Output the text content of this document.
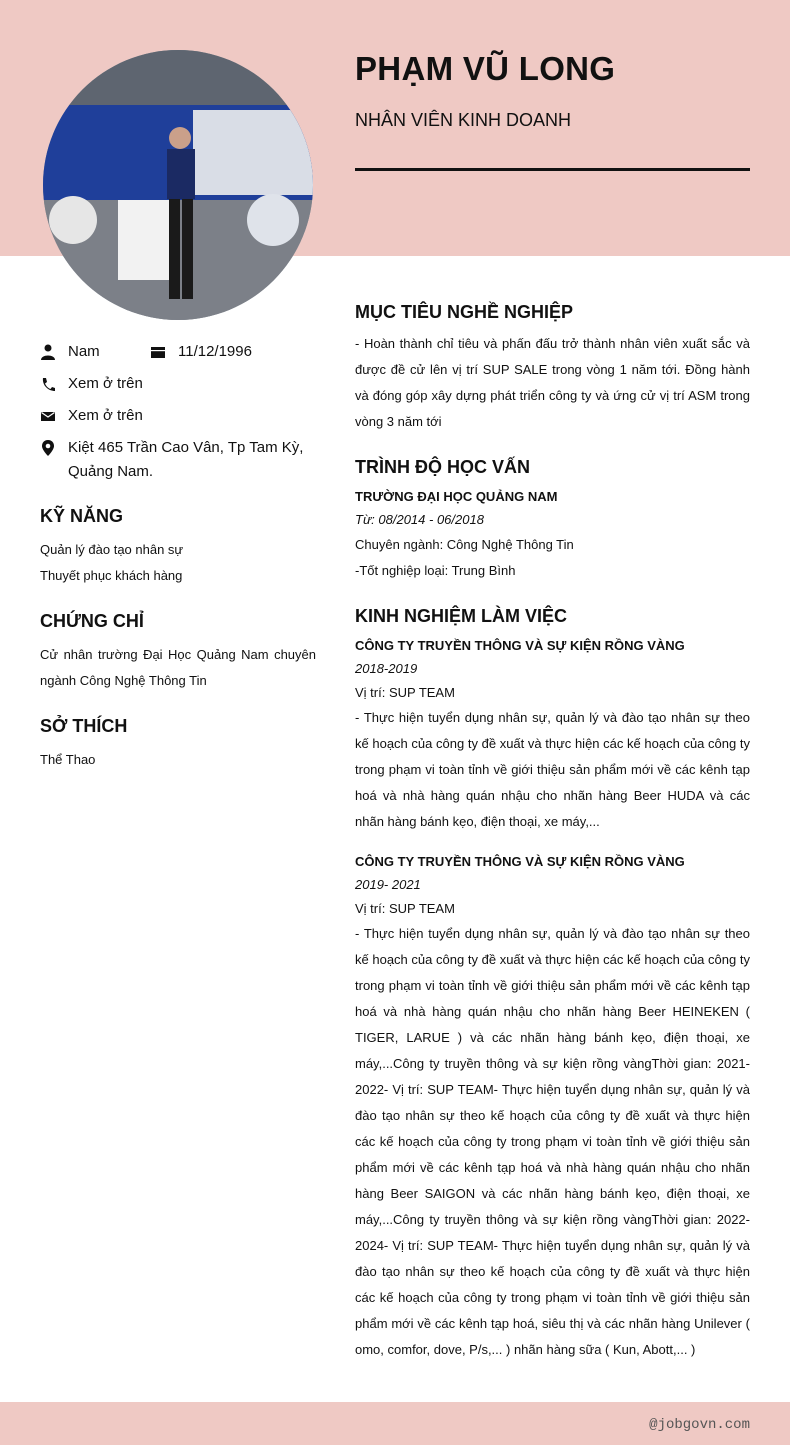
PHẠM VŨ LONG
NHÂN VIÊN KINH DOANH
Nam	11/12/1996
Xem ở trên
Xem ở trên
Kiệt 465 Trần Cao Vân, Tp Tam Kỳ, Quảng Nam.
KỸ NĂNG
Quản lý đào tạo nhân sự
Thuyết phục khách hàng
CHỨNG CHỈ
Cử nhân trường Đại Học Quảng Nam chuyên ngành Công Nghệ Thông Tin
SỞ THÍCH
Thể Thao
MỤC TIÊU NGHỀ NGHIỆP
- Hoàn thành chỉ tiêu và phấn đấu trở thành nhân viên xuất sắc và được đề cử lên vị trí SUP SALE trong vòng 1 năm tới. Đồng hành và đóng góp xây dựng phát triển công ty và ứng cử vị trí ASM trong vòng 3 năm tới
TRÌNH ĐỘ HỌC VẤN
TRƯỜNG ĐẠI HỌC QUẢNG NAM
Từ: 08/2014 - 06/2018
Chuyên ngành: Công Nghệ Thông Tin
-Tốt nghiệp loại: Trung Bình
KINH NGHIỆM LÀM VIỆC
CÔNG TY TRUYỀN THÔNG VÀ SỰ KIỆN RỒNG VÀNG
2018-2019
Vị trí: SUP TEAM
- Thực hiện tuyển dụng nhân sự, quản lý và đào tạo nhân sự theo kế hoạch của công ty đề xuất và thực hiện các kế hoạch của công ty trong phạm vi toàn tỉnh về giới thiệu sản phẩm mới về các kênh tạp hoá và nhà hàng quán nhậu cho nhãn hàng Beer HUDA và các nhãn hàng bánh kẹo, điện thoại, xe máy,...
CÔNG TY TRUYỀN THÔNG VÀ SỰ KIỆN RỒNG VÀNG
2019- 2021
Vị trí: SUP TEAM
- Thực hiện tuyển dụng nhân sự, quản lý và đào tạo nhân sự theo kế hoạch của công ty đề xuất và thực hiện các kế hoạch của công ty trong phạm vi toàn tỉnh về giới thiệu sản phẩm mới về các kênh tạp hoá và nhà hàng quán nhậu cho nhãn hàng Beer HEINEKEN ( TIGER, LARUE ) và các nhãn hàng bánh kẹo, điện thoại, xe máy,...Công ty truyền thông và sự kiện rồng vàngThời gian: 2021-2022- Vị trí: SUP TEAM- Thực hiện tuyển dụng nhân sự, quản lý và đào tạo nhân sự theo kế hoạch của công ty đề xuất và thực hiện các kế hoạch của công ty trong phạm vi toàn tỉnh về giới thiệu sản phẩm mới về các kênh tạp hoá và nhà hàng quán nhậu cho nhãn hàng Beer SAIGON và các nhãn hàng bánh kẹo, điện thoại, xe máy,...Công ty truyền thông và sự kiện rồng vàngThời gian: 2022-2024- Vị trí: SUP TEAM- Thực hiện tuyển dụng nhân sự, quản lý và đào tạo nhân sự theo kế hoạch của công ty đề xuất và thực hiện các kế hoạch của công ty trong phạm vi toàn tỉnh về giới thiệu sản phẩm mới về các kênh tạp hoá, siêu thị và các nhãn hàng Unilever ( omo, comfor, dove, P/s,... ) nhãn hàng sữa ( Kun, Abott,... )
@jobgovn.com
